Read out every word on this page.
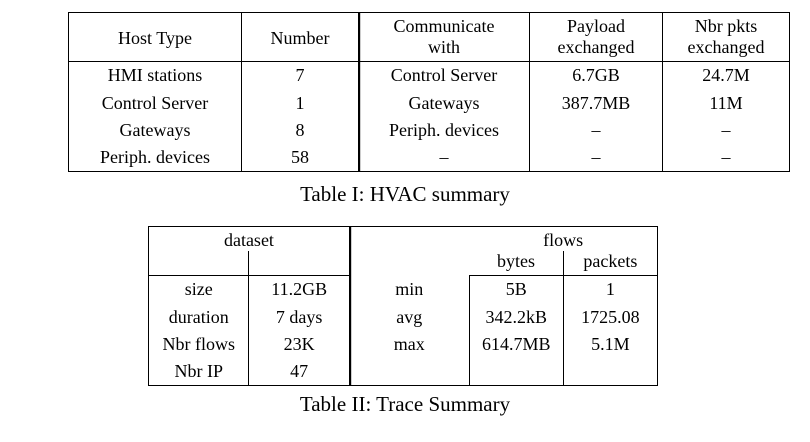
Host Type	Number	Communicate	Payload	Nbr pkts
		with	exchanged	exchanged
HMI stations	7	Control Server	6.7GB	24.7M
Control Server	1	Gateways	387.7MB	11M
Gateways	8	Periph. devices	–	–
Periph. devices	58	–	–	–
Table I: HVAC summary
dataset			flows	
			bytes	packets
size	11.2GB	min	5B	1
duration	7 days	avg	342.2kB	1725.08
Nbr flows	23K	max	614.7MB	5.1M
Nbr IP	47			
Table II: Trace Summary
